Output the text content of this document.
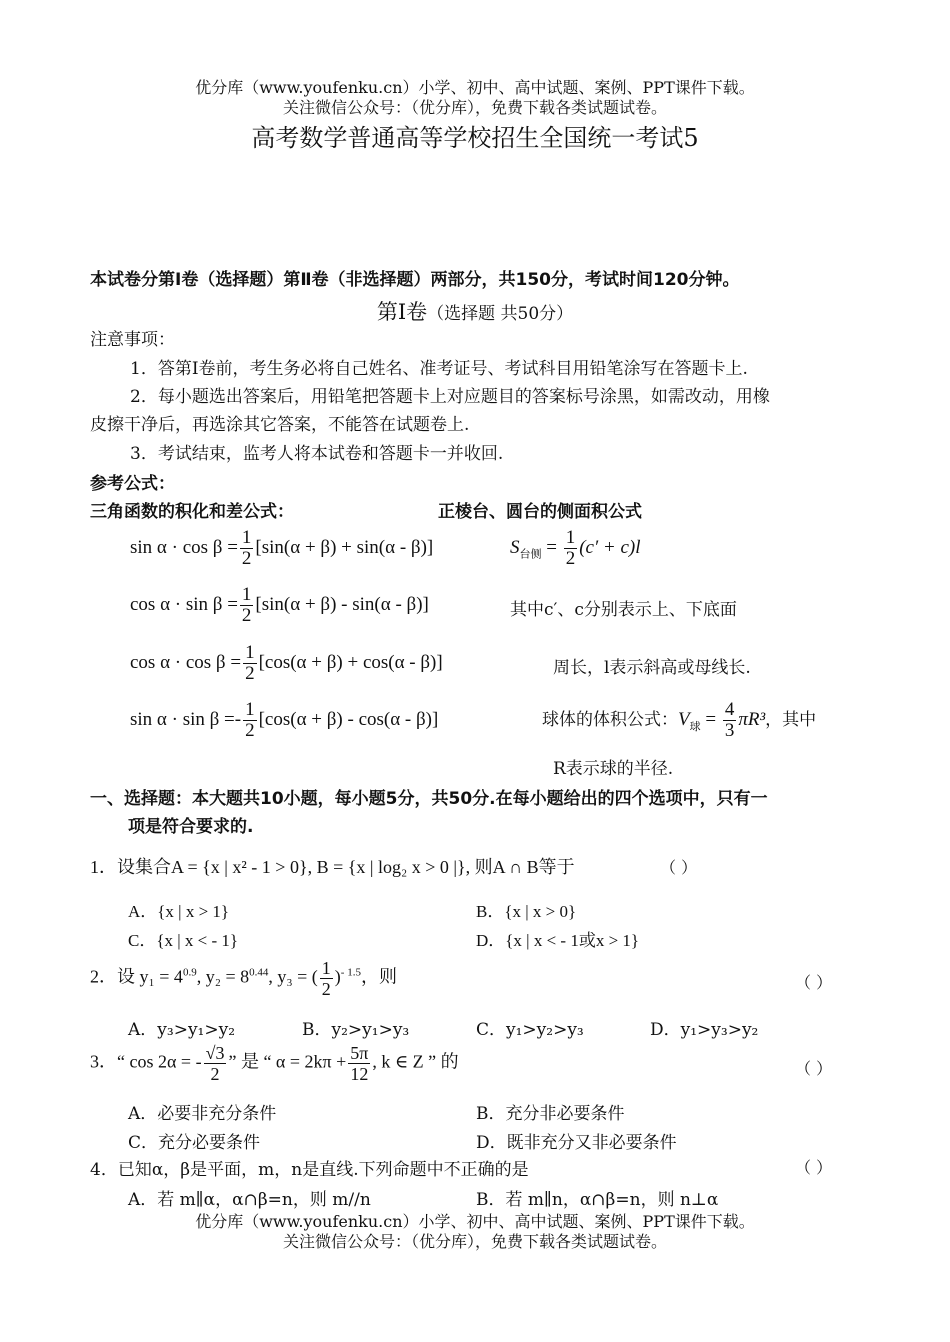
优分库（www.youfenku.cn）小学、初中、高中试题、案例、PPT课件下载。
关注微信公众号：（优分库），免费下载各类试题试卷。
高考数学普通高等学校招生全国统一考试5
本试卷分第Ⅰ卷（选择题）第Ⅱ卷（非选择题）两部分，共150分，考试时间120分钟。
第Ⅰ卷（选择题 共50分）
注意事项：
1．答第Ⅰ卷前，考生务必将自己姓名、准考证号、考试科目用铅笔涂写在答题卡上.
2．每小题选出答案后，用铅笔把答题卡上对应题目的答案标号涂黑，如需改动，用橡
皮擦干净后，再选涂其它答案，不能答在试题卷上.
3．考试结束，监考人将本试卷和答题卡一并收回.
参考公式：
三角函数的积化和差公式：	正棱台、圆台的侧面积公式
$\sin \alpha \cdot \cos \beta = \frac{1}{2} [\sin(\alpha + \beta) + \sin(\alpha - \beta)]$
$\cos \alpha \cdot \sin \beta = \frac{1}{2} [\sin(\alpha + \beta) - \sin(\alpha - \beta)]$
$\cos \alpha \cdot \cos \beta = \frac{1}{2} [\cos(\alpha + \beta) + \cos(\alpha - \beta)]$
$\sin \alpha \cdot \sin \beta =- \frac{1}{2} [\cos(\alpha + \beta) - \cos(\alpha - \beta)]$
$S_{台侧} = \frac{1}{2} (c' + c)l$
其中c′、c分别表示上、下底面
周长，l表示斜高或母线长.
球体的体积公式：$V_球 = \frac{4}{3} \pi R^3$，其中
R表示球的半径.
一、选择题：本大题共10小题，每小题5分，共50分.在每小题给出的四个选项中，只有一
项是符合要求的.
1．设集合A = {x | x² - 1 > 0}, B = {x | log₂ x > 0 |}, 则A ∩ B等于	（ ）
A．{x | x > 1}	B．{x | x > 0}
C．{x | x < - 1}	D．{x | x < - 1或x > 1}
2．设 $y_1 = 4^{0.9}$, $y_2 = 8^{0.44}$, y₃ = ( $\frac{1}{2} )^{- 1.5}$，则	（ ）
A．y₃>y₁>y₂	B．y₂>y₁>y₃	C．y₁>y₂>y₃	D．y₁>y₃>y₂
3．“ cos 2α = - $\frac{√3}{2}$ ” 是 “ $\alpha = 2k\pi + \frac{5\pi}{12}$ , k ∈ Z ” 的	（ ）
A．必要非充分条件	B．充分非必要条件
C．充分必要条件	D．既非充分又非必要条件
4．已知α，β是平面，m，n是直线.下列命题中不正确的是	（ ）
A．若 m∥α，α∩β=n，则 m//n	B．若 m∥n，α∩β=n，则 n⊥α
优分库（www.youfenku.cn）小学、初中、高中试题、案例、PPT课件下载。
关注微信公众号：（优分库），免费下载各类试题试卷。
